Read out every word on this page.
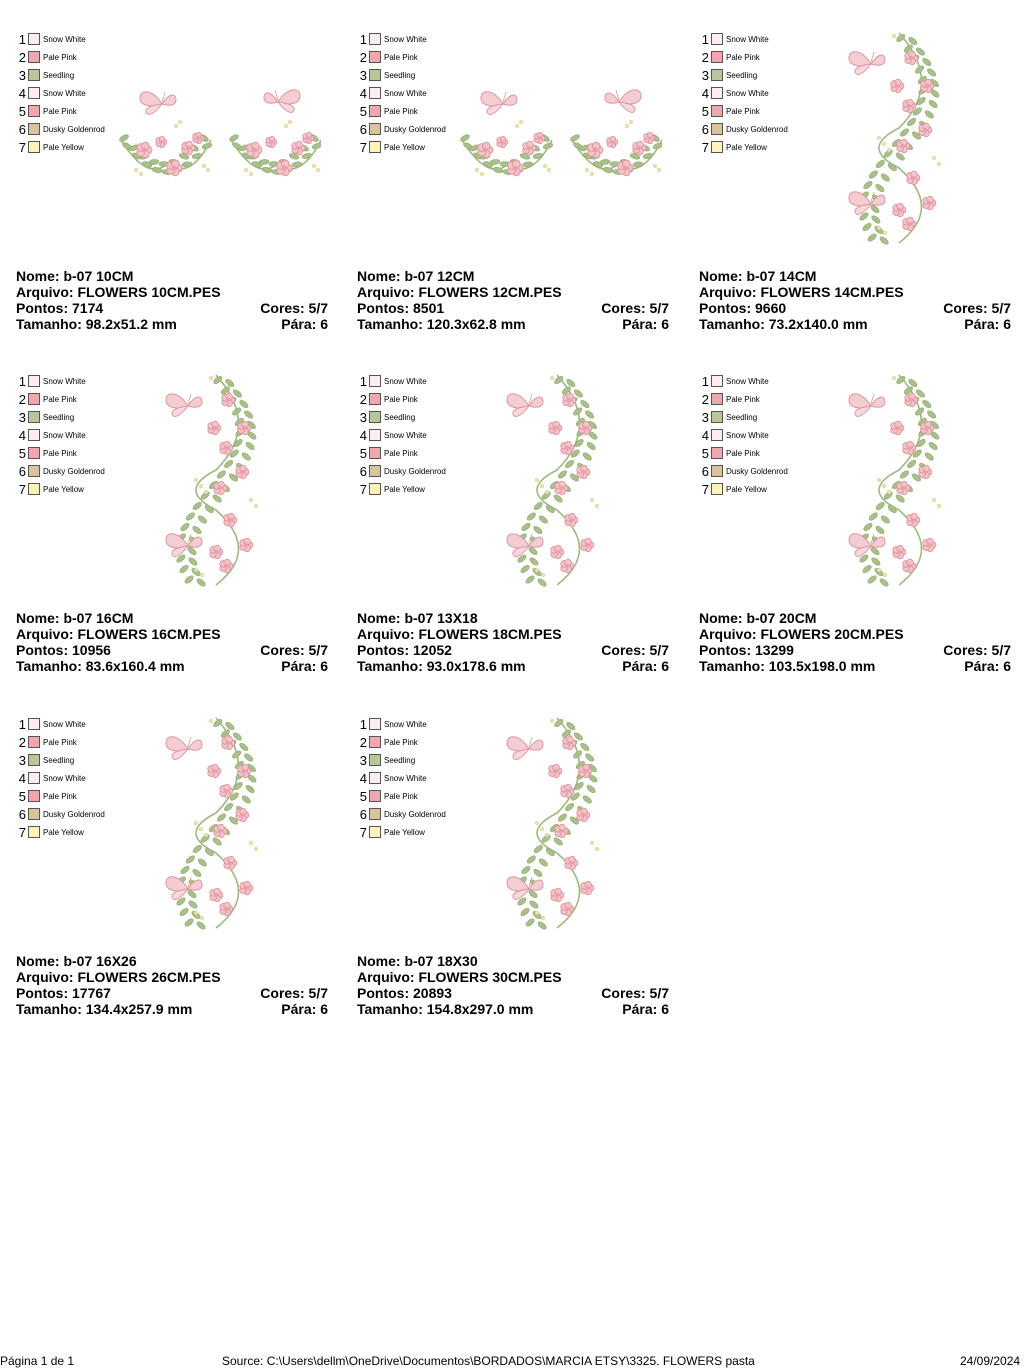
1 Snow White
2 Pale Pink
3 Seedling
4 Snow White
5 Pale Pink
6 Dusky Goldenrod
7 Pale Yellow
Nome: b-07 10CM
Arquivo: FLOWERS 10CM.PES
Pontos: 7174	Cores: 5/7
Tamanho: 98.2x51.2 mm	Pára: 6
1 Snow White
2 Pale Pink
3 Seedling
4 Snow White
5 Pale Pink
6 Dusky Goldenrod
7 Pale Yellow
Nome: b-07 12CM
Arquivo: FLOWERS 12CM.PES
Pontos: 8501	Cores: 5/7
Tamanho: 120.3x62.8 mm	Pára: 6
1 Snow White
2 Pale Pink
3 Seedling
4 Snow White
5 Pale Pink
6 Dusky Goldenrod
7 Pale Yellow
Nome: b-07 14CM
Arquivo: FLOWERS 14CM.PES
Pontos: 9660	Cores: 5/7
Tamanho: 73.2x140.0 mm	Pára: 6
1 Snow White
2 Pale Pink
3 Seedling
4 Snow White
5 Pale Pink
6 Dusky Goldenrod
7 Pale Yellow
Nome: b-07 16CM
Arquivo: FLOWERS 16CM.PES
Pontos: 10956	Cores: 5/7
Tamanho: 83.6x160.4 mm	Pára: 6
1 Snow White
2 Pale Pink
3 Seedling
4 Snow White
5 Pale Pink
6 Dusky Goldenrod
7 Pale Yellow
Nome: b-07 13X18
Arquivo: FLOWERS 18CM.PES
Pontos: 12052	Cores: 5/7
Tamanho: 93.0x178.6 mm	Pára: 6
1 Snow White
2 Pale Pink
3 Seedling
4 Snow White
5 Pale Pink
6 Dusky Goldenrod
7 Pale Yellow
Nome: b-07 20CM
Arquivo: FLOWERS 20CM.PES
Pontos: 13299	Cores: 5/7
Tamanho: 103.5x198.0 mm	Pára: 6
1 Snow White
2 Pale Pink
3 Seedling
4 Snow White
5 Pale Pink
6 Dusky Goldenrod
7 Pale Yellow
Nome: b-07 16X26
Arquivo: FLOWERS 26CM.PES
Pontos: 17767	Cores: 5/7
Tamanho: 134.4x257.9 mm	Pára: 6
1 Snow White
2 Pale Pink
3 Seedling
4 Snow White
5 Pale Pink
6 Dusky Goldenrod
7 Pale Yellow
Nome: b-07 18X30
Arquivo: FLOWERS 30CM.PES
Pontos: 20893	Cores: 5/7
Tamanho: 154.8x297.0 mm	Pára: 6
Página 1 de 1	Source: C:\Users\dellm\OneDrive\Documentos\BORDADOS\MARCIA ETSY\3325. FLOWERS pasta	24/09/2024
